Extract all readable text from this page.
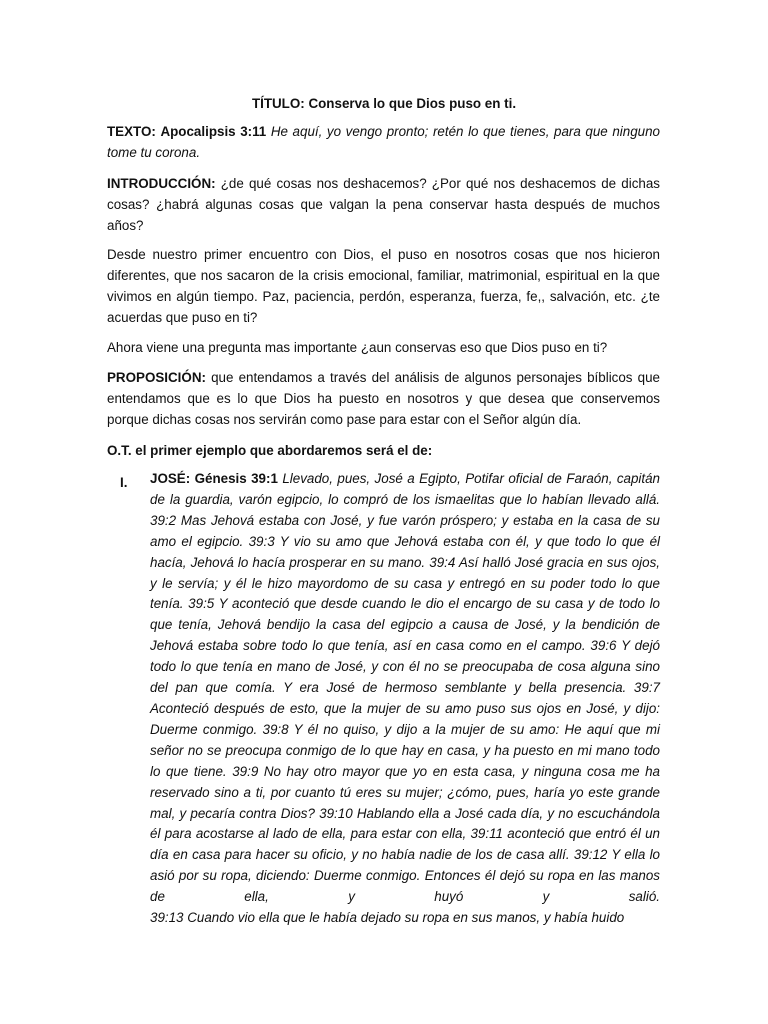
TÍTULO: Conserva lo que Dios puso en ti.
TEXTO: Apocalipsis 3:11 He aquí, yo vengo pronto; retén lo que tienes, para que ninguno tome tu corona.
INTRODUCCIÓN: ¿de qué cosas nos deshacemos? ¿Por qué nos deshacemos de dichas cosas? ¿habrá algunas cosas que valgan la pena conservar hasta después de muchos años?
Desde nuestro primer encuentro con Dios, el puso en nosotros cosas que nos hicieron diferentes, que nos sacaron de la crisis emocional, familiar, matrimonial, espiritual en la que vivimos en algún tiempo. Paz, paciencia, perdón, esperanza, fuerza, fe,, salvación, etc. ¿te acuerdas que puso en ti?
Ahora viene una pregunta mas importante ¿aun conservas eso que Dios puso en ti?
PROPOSICIÓN: que entendamos a través del análisis de algunos personajes bíblicos que entendamos que es lo que Dios ha puesto en nosotros y que desea que conservemos porque dichas cosas nos servirán como pase para estar con el Señor algún día.
O.T. el primer ejemplo que abordaremos será el de:
I. JOSÉ: Génesis 39:1 Llevado, pues, José a Egipto, Potifar oficial de Faraón, capitán de la guardia, varón egipcio, lo compró de los ismaelitas que lo habían llevado allá. 39:2 Mas Jehová estaba con José, y fue varón próspero; y estaba en la casa de su amo el egipcio. 39:3 Y vio su amo que Jehová estaba con él, y que todo lo que él hacía, Jehová lo hacía prosperar en su mano. 39:4 Así halló José gracia en sus ojos, y le servía; y él le hizo mayordomo de su casa y entregó en su poder todo lo que tenía. 39:5 Y aconteció que desde cuando le dio el encargo de su casa y de todo lo que tenía, Jehová bendijo la casa del egipcio a causa de José, y la bendición de Jehová estaba sobre todo lo que tenía, así en casa como en el campo. 39:6 Y dejó todo lo que tenía en mano de José, y con él no se preocupaba de cosa alguna sino del pan que comía. Y era José de hermoso semblante y bella presencia. 39:7 Aconteció después de esto, que la mujer de su amo puso sus ojos en José, y dijo: Duerme conmigo. 39:8 Y él no quiso, y dijo a la mujer de su amo: He aquí que mi señor no se preocupa conmigo de lo que hay en casa, y ha puesto en mi mano todo lo que tiene. 39:9 No hay otro mayor que yo en esta casa, y ninguna cosa me ha reservado sino a ti, por cuanto tú eres su mujer; ¿cómo, pues, haría yo este grande mal, y pecaría contra Dios? 39:10 Hablando ella a José cada día, y no escuchándola él para acostarse al lado de ella, para estar con ella, 39:11 aconteció que entró él un día en casa para hacer su oficio, y no había nadie de los de casa allí. 39:12 Y ella lo asió por su ropa, diciendo: Duerme conmigo. Entonces él dejó su ropa en las manos de ella, y huyó y salió.
39:13 Cuando vio ella que le había dejado su ropa en sus manos, y había huido
